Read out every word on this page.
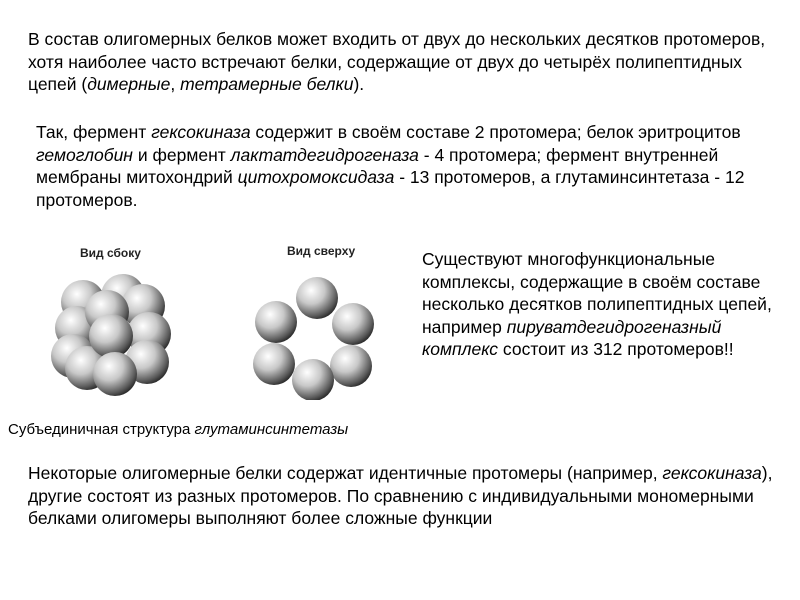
В состав олигомерных белков может входить от двух до нескольких десятков протомеров, хотя наиболее часто встречают белки, содержащие от двух до четырёх полипептидных цепей (димерные, тетрамерные белки).
Так, фермент гексокиназа содержит в своём составе 2 протомера; белок эритроцитов гемоглобин и фермент лактатдегидрогеназа - 4 протомера; фермент внутренней мембраны митохондрий цитохромоксидаза - 13 протомеров, а глутаминсинтетаза - 12 протомеров.
Вид сбоку	Вид сверху
Субъединичная структура глутаминсинтетазы
Существуют многофункциональные комплексы, содержащие в своём составе несколько десятков полипептидных цепей, например пируватдегидрогеназный комплекс состоит из 312 протомеров!!
Некоторые олигомерные белки содержат идентичные протомеры (например, гексокиназа), другие состоят из разных протомеров. По сравнению с индивидуальными мономерными белками олигомеры выполняют более сложные функции
